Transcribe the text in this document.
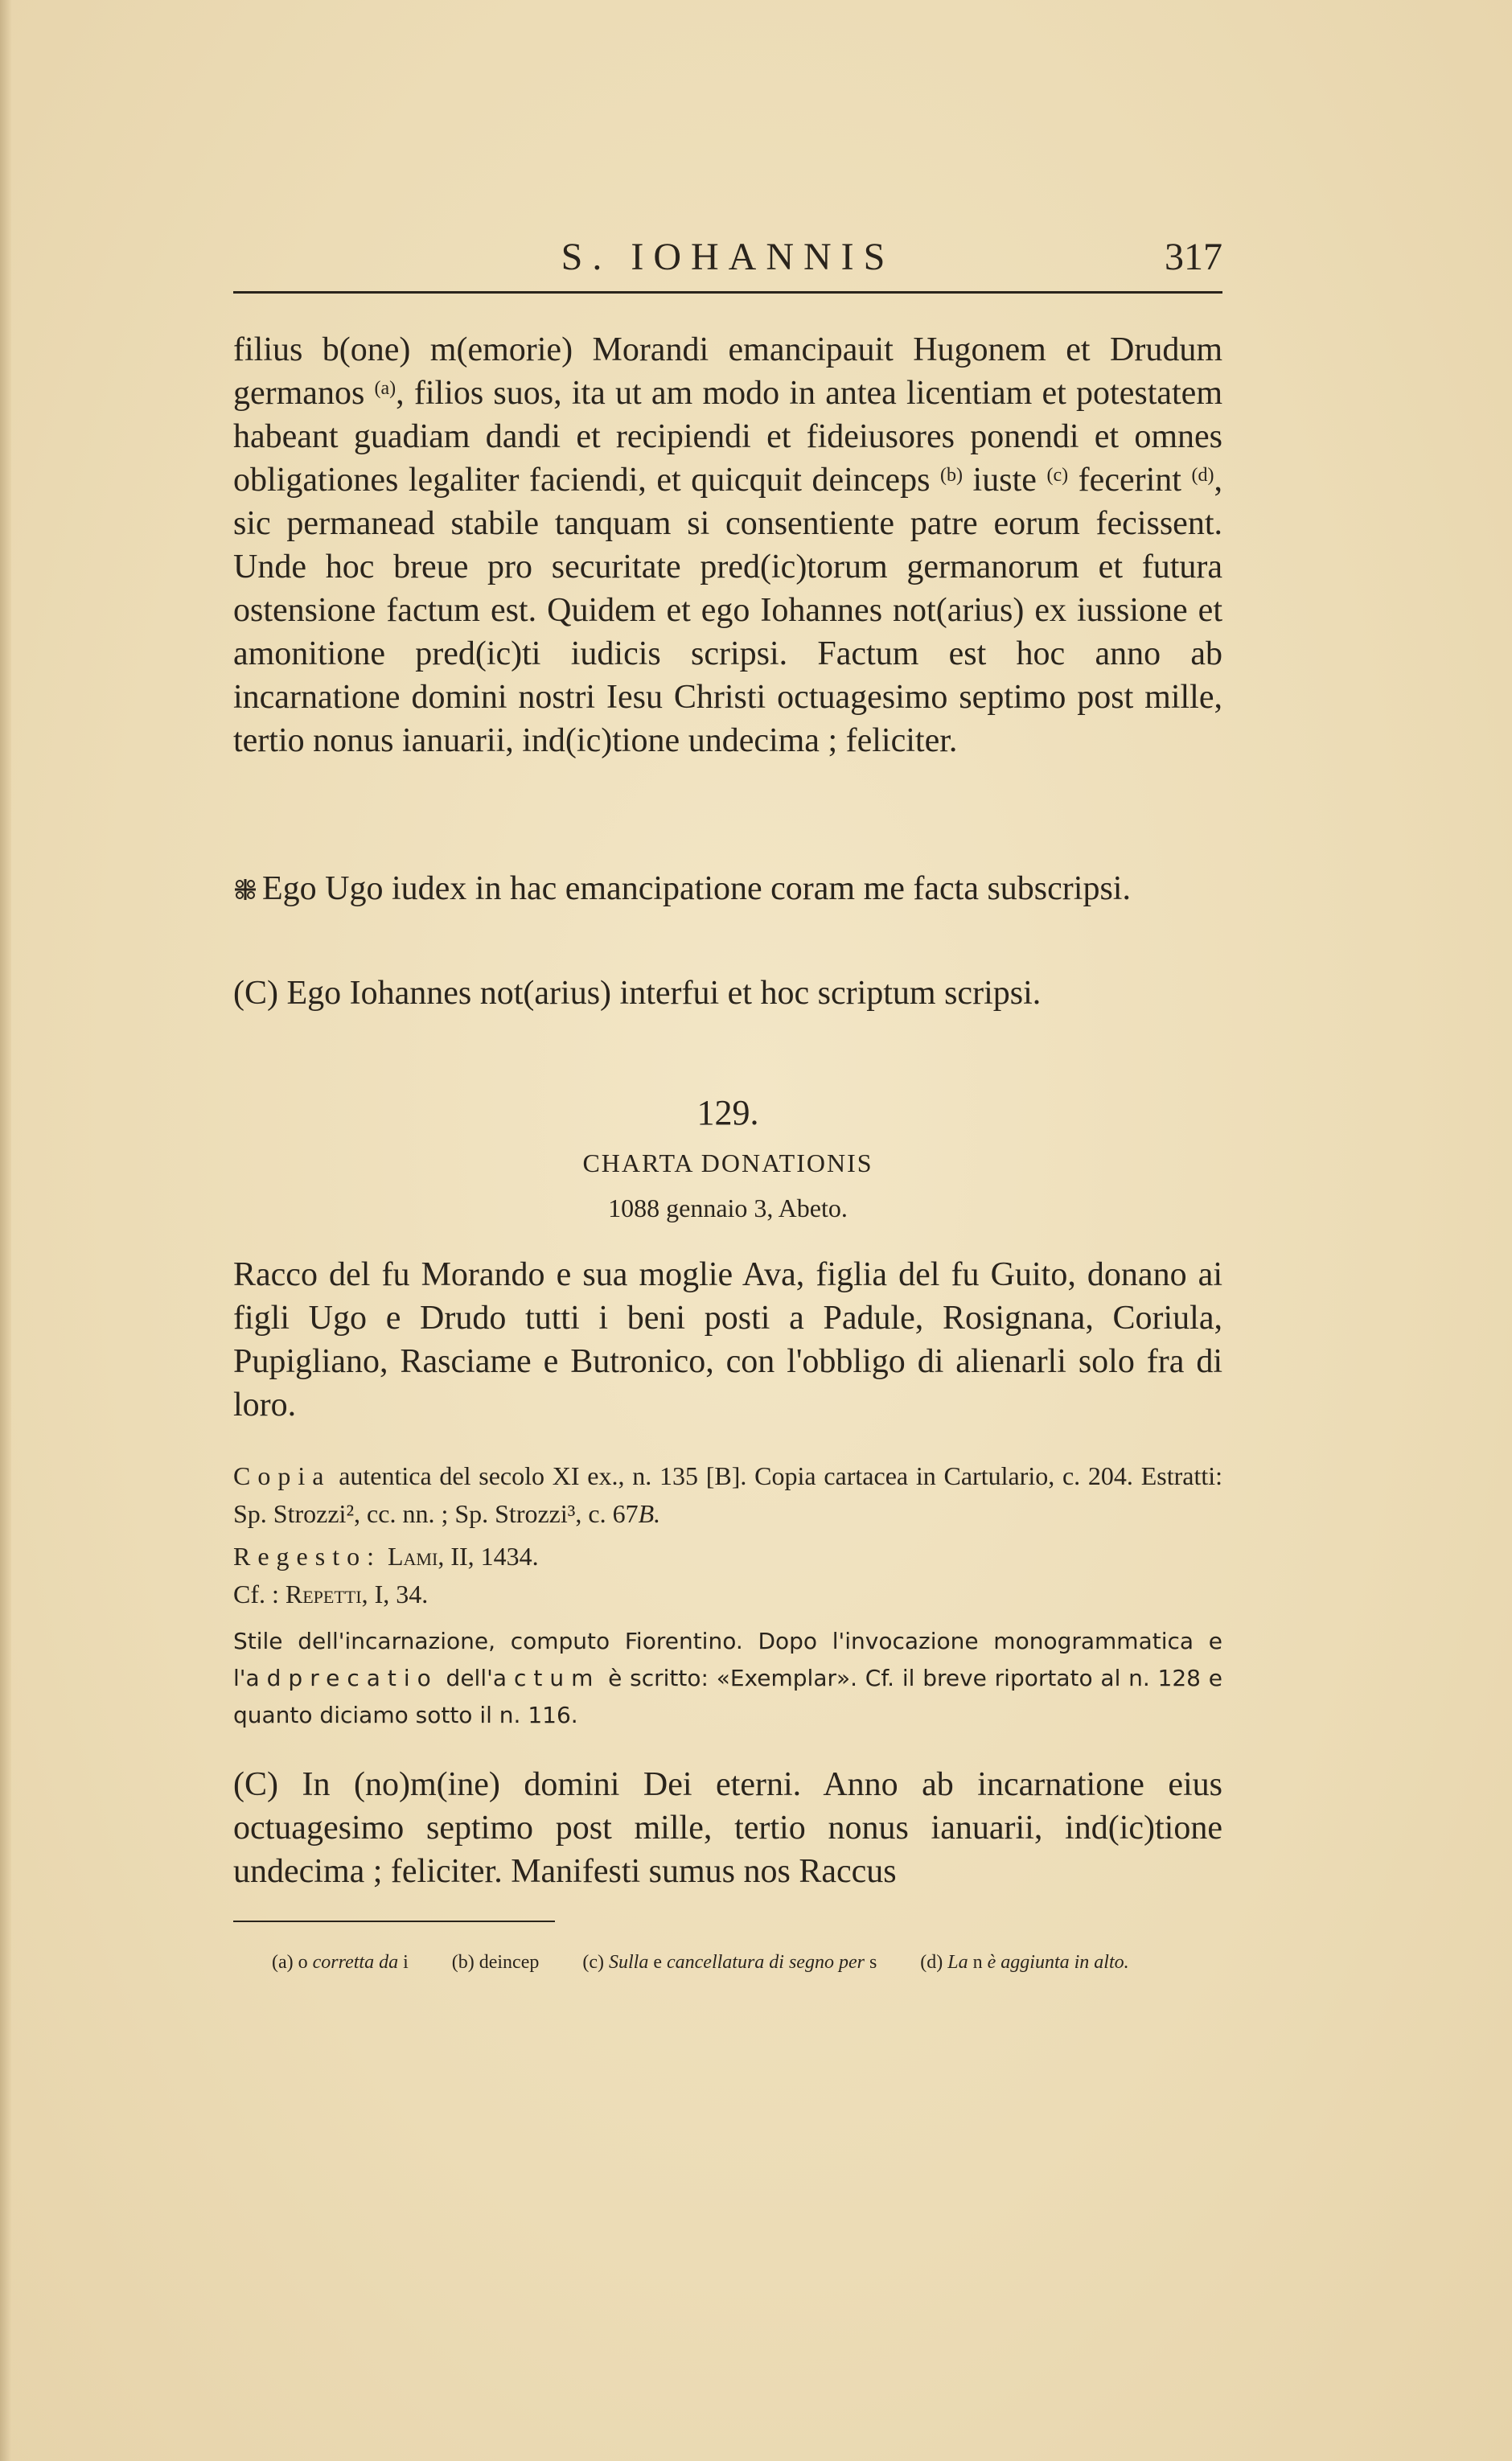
S. IOHANNIS	317
filius b(one) m(emorie) Morandi emancipauit Hugonem et Drudum germanos $^{(a)}$, filios suos, ita ut am modo in antea licentiam et potestatem habeant guadiam dandi et recipiendi et fideiusores ponendi et omnes obligationes legaliter faciendi, et quicquit deinceps $^{(b)}$ iuste $^{(c)}$ fecerint $^{(d)}$, sic permanead stabile tanquam si consentiente patre eorum fecissent. Unde hoc breue pro securitate pred(ic)torum germanorum et futura ostensione factum est. Quidem et ego Iohannes not(arius) ex iussione et amonitione pred(ic)ti iudicis scripsi. Factum est hoc anno ab incarnatione domini nostri Iesu Christi octuagesimo septimo post mille, tertio nonus ianuarii, ind(ic)tione undecima ; feliciter.
Ego Ugo iudex in hac emancipatione coram me facta subscripsi.
(C) Ego Iohannes not(arius) interfui et hoc scriptum scripsi.
129.
CHARTA DONATIONIS
1088 gennaio 3, Abeto.
Racco del fu Morando e sua moglie Ava, figlia del fu Guito, donano ai figli Ugo e Drudo tutti i beni posti a Padule, Rosignana, Coriula, Pupigliano, Rasciame e Butronico, con l'obbligo di alienarli solo fra di loro.
Copia autentica del secolo XI ex., n. 135 [B]. Copia cartacea in Cartulario, c. 204. Estratti: Sp. Strozzi², cc. nn. ; Sp. Strozzi³, c. 67B.
Regesto: Lami, II, 1434.
Cf. : Repetti, I, 34.
Stile dell'incarnazione, computo Fiorentino. Dopo l'invocazione monogrammatica e l'adprecatio dell'actum è scritto: «Exemplar». Cf. il breve riportato al n. 128 e quanto diciamo sotto il n. 116.
(C) In (no)m(ine) domini Dei eterni. Anno ab incarnatione eius octuagesimo septimo post mille, tertio nonus ianuarii, ind(ic)tione undecima ; feliciter. Manifesti sumus nos Raccus
(a) o corretta da i (b) deincep (c) Sulla e cancellatura di segno per s (d) La n è aggiunta in alto.
